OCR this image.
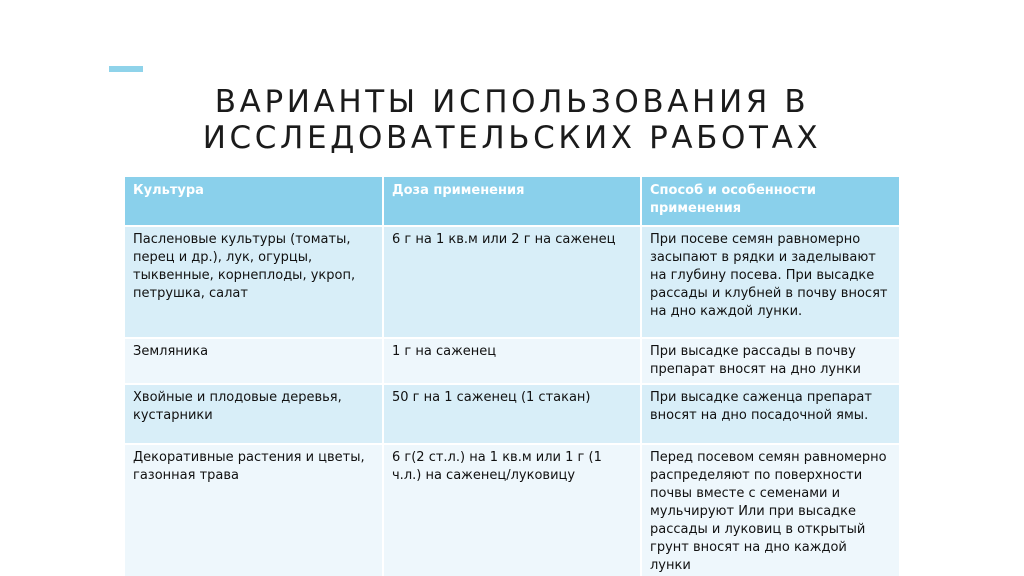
ВАРИАНТЫ ИСПОЛЬЗОВАНИЯ В
ИССЛЕДОВАТЕЛЬСКИХ РАБОТАХ
Культура	Доза применения	Способ и особенности применения
Пасленовые культуры (томаты, перец и др.), лук, огурцы, тыквенные, корнеплоды, укроп, петрушка, салат	6 г на 1 кв.м или 2 г на саженец	При посеве семян равномерно засыпают в рядки и заделывают на глубину посева. При высадке рассады и клубней в почву вносят на дно каждой лунки.
Земляника	1 г на саженец	При высадке рассады в почву препарат вносят на дно лунки
Хвойные и плодовые деревья, кустарники	50 г на 1 саженец (1 стакан)	При высадке саженца препарат вносят на дно посадочной ямы.
Декоративные растения и цветы, газонная трава	6 г(2 ст.л.) на 1 кв.м или 1 г (1 ч.л.) на саженец/луковицу	Перед посевом семян равномерно распределяют по поверхности почвы вместе с семенами и мульчируют Или при высадке рассады и луковиц в открытый грунт вносят на дно каждой лунки
